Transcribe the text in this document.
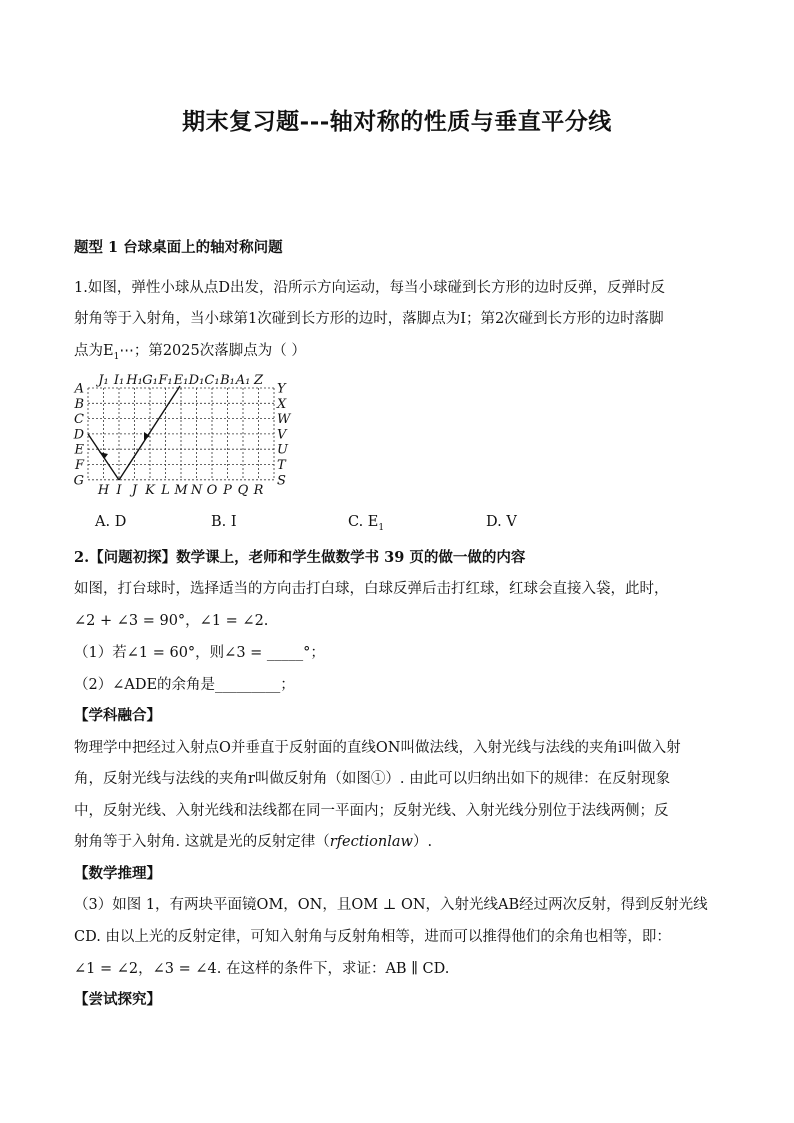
期末复习题---轴对称的性质与垂直平分线
题型 1 台球桌面上的轴对称问题
1.如图，弹性小球从点D出发，沿所示方向运动，每当小球碰到长方形的边时反弹，反弹时反
射角等于入射角，当小球第1次碰到长方形的边时，落脚点为I；第2次碰到长方形的边时落脚
点为$E_1\cdots$；第2025次落脚点为（ ）
A
B
C
D
E
F
G
Y
X
W
V
U
T
S
J₁ I₁ H₁ G₁ F₁ E₁ D₁ C₁ B₁ A₁ Z
H I J K L M N O P Q R
A. D	B. I	C. $E_1$	D. V
2.【问题初探】数学课上，老师和学生做数学书 39 页的做一做的内容
如图，打台球时，选择适当的方向击打白球，白球反弹后击打红球，红球会直接入袋，此时，
∠2 + ∠3 = 90°，∠1 = ∠2.
（1）若∠1 = 60°，则∠3 = _____°；
（2）∠ADE的余角是_________；
【学科融合】
物理学中把经过入射点O并垂直于反射面的直线ON叫做法线，入射光线与法线的夹角i叫做入射
角，反射光线与法线的夹角r叫做反射角（如图①）. 由此可以归纳出如下的规律：在反射现象
中，反射光线、入射光线和法线都在同一平面内；反射光线、入射光线分别位于法线两侧；反
射角等于入射角. 这就是光的反射定律（rfectionlaw）.
【数学推理】
（3）如图 1，有两块平面镜OM，ON，且OM ⊥ ON，入射光线AB经过两次反射，得到反射光线
CD. 由以上光的反射定律，可知入射角与反射角相等，进而可以推得他们的余角也相等，即：
∠1 = ∠2，∠3 = ∠4. 在这样的条件下，求证：AB ∥ CD.
【尝试探究】
